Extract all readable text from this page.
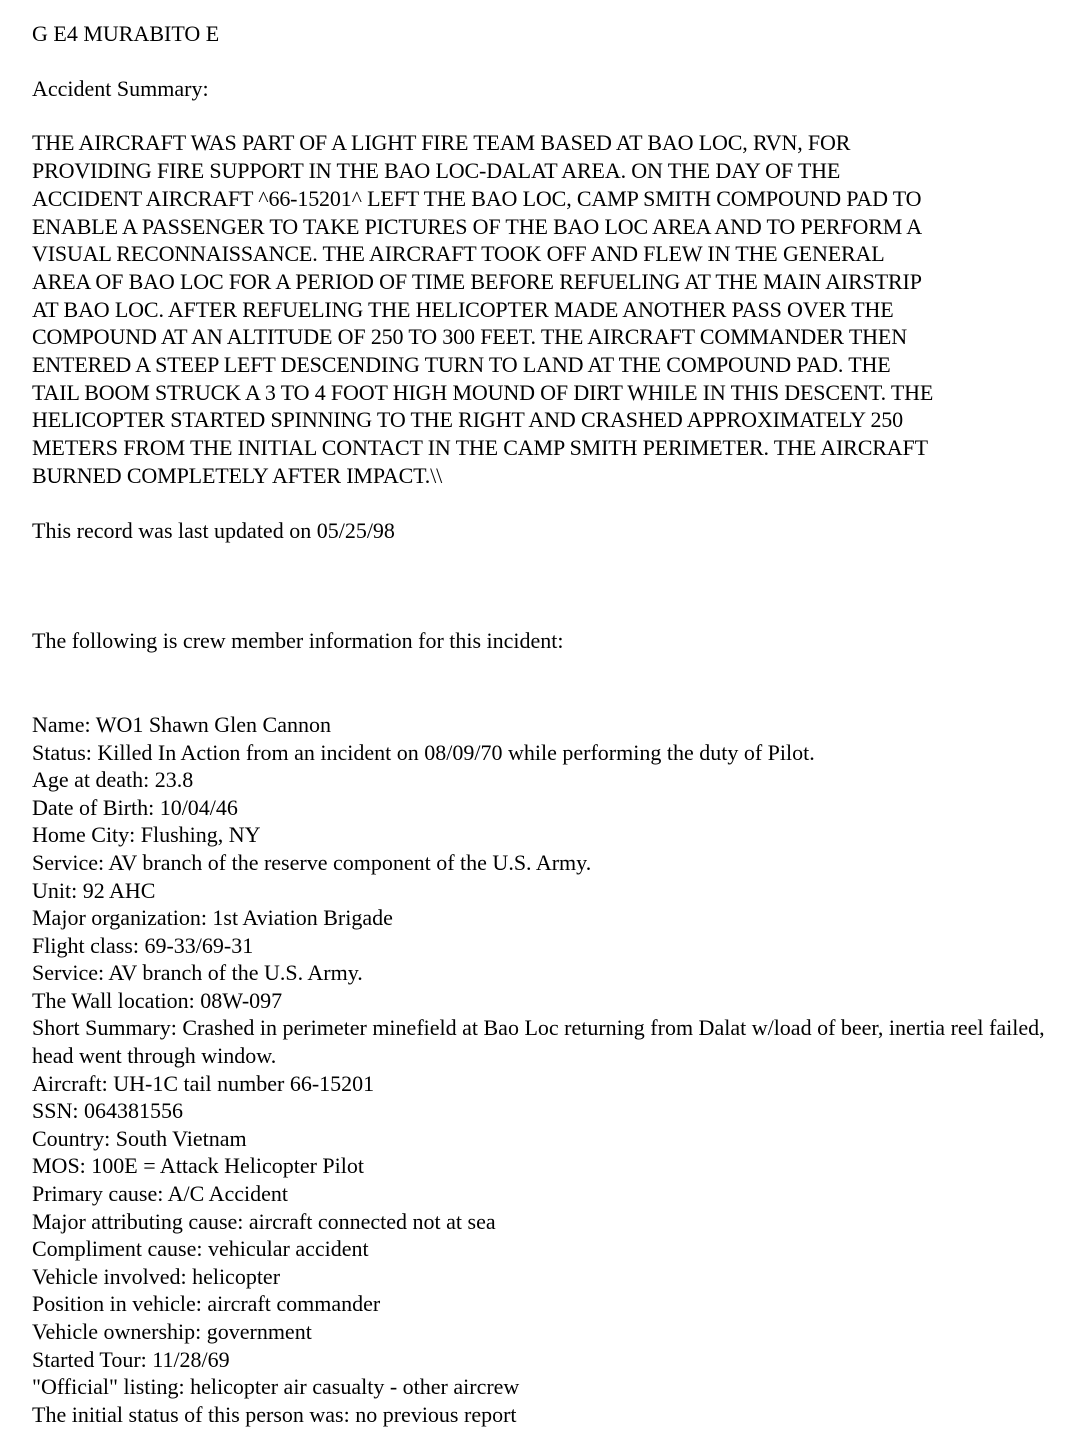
G E4 MURABITO E

Accident Summary:

THE AIRCRAFT WAS PART OF A LIGHT FIRE TEAM BASED AT BAO LOC, RVN, FOR
PROVIDING FIRE SUPPORT IN THE BAO LOC-DALAT AREA. ON THE DAY OF THE
ACCIDENT AIRCRAFT ^66-15201^ LEFT THE BAO LOC, CAMP SMITH COMPOUND PAD TO
ENABLE A PASSENGER TO TAKE PICTURES OF THE BAO LOC AREA AND TO PERFORM A
VISUAL RECONNAISSANCE. THE AIRCRAFT TOOK OFF AND FLEW IN THE GENERAL
AREA OF BAO LOC FOR A PERIOD OF TIME BEFORE REFUELING AT THE MAIN AIRSTRIP
AT BAO LOC. AFTER REFUELING THE HELICOPTER MADE ANOTHER PASS OVER THE
COMPOUND AT AN ALTITUDE OF 250 TO 300 FEET. THE AIRCRAFT COMMANDER THEN
ENTERED A STEEP LEFT DESCENDING TURN TO LAND AT THE COMPOUND PAD. THE
TAIL BOOM STRUCK A 3 TO 4 FOOT HIGH MOUND OF DIRT WHILE IN THIS DESCENT. THE
HELICOPTER STARTED SPINNING TO THE RIGHT AND CRASHED APPROXIMATELY 250
METERS FROM THE INITIAL CONTACT IN THE CAMP SMITH PERIMETER. THE AIRCRAFT
BURNED COMPLETELY AFTER IMPACT.\\

This record was last updated on 05/25/98

The following is crew member information for this incident:

Name: WO1 Shawn Glen Cannon
Status: Killed In Action from an incident on 08/09/70 while performing the duty of Pilot.
Age at death: 23.8
Date of Birth: 10/04/46
Home City: Flushing, NY
Service: AV branch of the reserve component of the U.S. Army.
Unit: 92 AHC
Major organization: 1st Aviation Brigade
Flight class: 69-33/69-31
Service: AV branch of the U.S. Army.
The Wall location: 08W-097
Short Summary: Crashed in perimeter minefield at Bao Loc returning from Dalat w/load of beer, inertia reel failed, head went through window.
Aircraft: UH-1C tail number 66-15201
SSN: 064381556
Country: South Vietnam
MOS: 100E = Attack Helicopter Pilot
Primary cause: A/C Accident
Major attributing cause: aircraft connected not at sea
Compliment cause: vehicular accident
Vehicle involved: helicopter
Position in vehicle: aircraft commander
Vehicle ownership: government
Started Tour: 11/28/69
"Official" listing: helicopter air casualty - other aircrew
The initial status of this person was: no previous report
